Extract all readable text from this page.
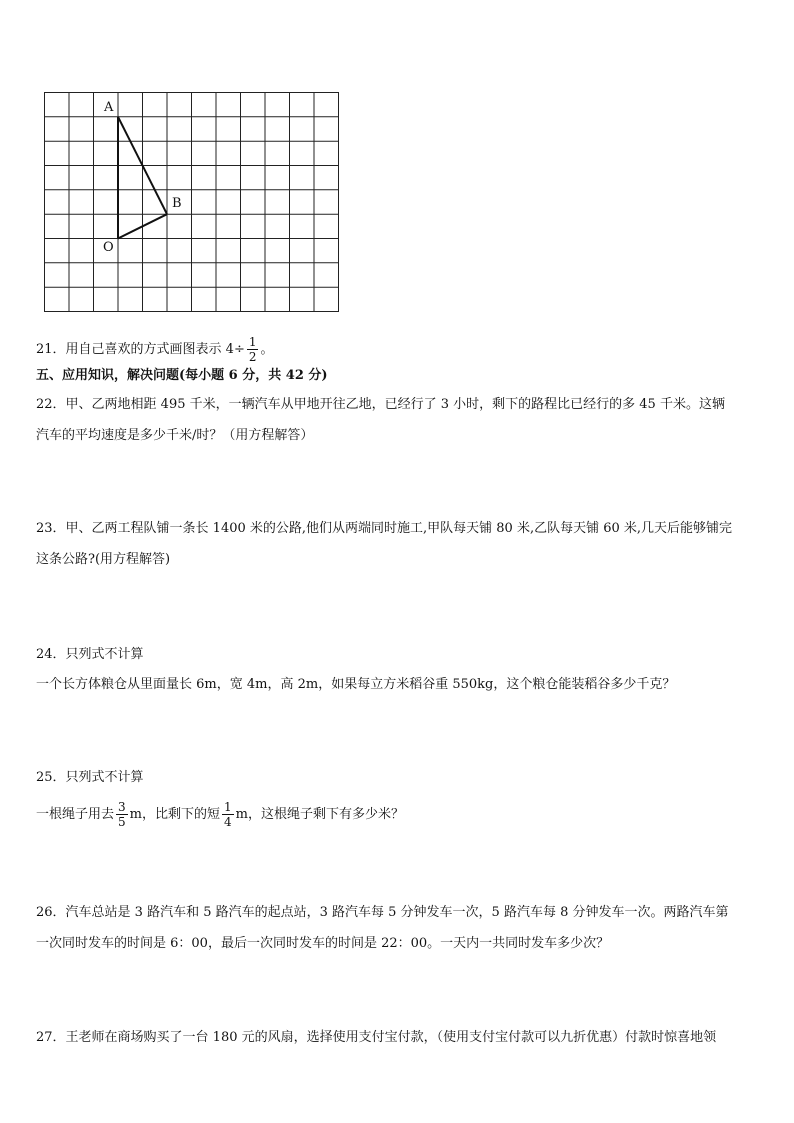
A
B
O
21．用自己喜欢的方式画图表示 $4\div \frac{1}{2}$ 。
五、应用知识，解决问题(每小题 6 分，共 42 分)
22．甲、乙两地相距 495 千米，一辆汽车从甲地开往乙地，已经行了 3 小时，剩下的路程比已经行的多 45 千米。这辆
汽车的平均速度是多少千米/时？（用方程解答）
23．甲、乙两工程队铺一条长 1400 米的公路,他们从两端同时施工,甲队每天铺 80 米,乙队每天铺 60 米,几天后能够铺完
这条公路?(用方程解答)
24．只列式不计算
一个长方体粮仓从里面量长 6m，宽 4m，高 2m，如果每立方米稻谷重 550kg，这个粮仓能装稻谷多少千克？
25．只列式不计算
一根绳子用去 $\frac{3}{5}$ m，比剩下的短 $\frac{1}{4}$ m，这根绳子剩下有多少米？
26．汽车总站是 3 路汽车和 5 路汽车的起点站，3 路汽车每 5 分钟发车一次，5 路汽车每 8 分钟发车一次。两路汽车第
一次同时发车的时间是 6：00，最后一次同时发车的时间是 22：00。一天内一共同时发车多少次？
27．王老师在商场购买了一台 180 元的风扇，选择使用支付宝付款，（使用支付宝付款可以九折优惠）付款时惊喜地领
